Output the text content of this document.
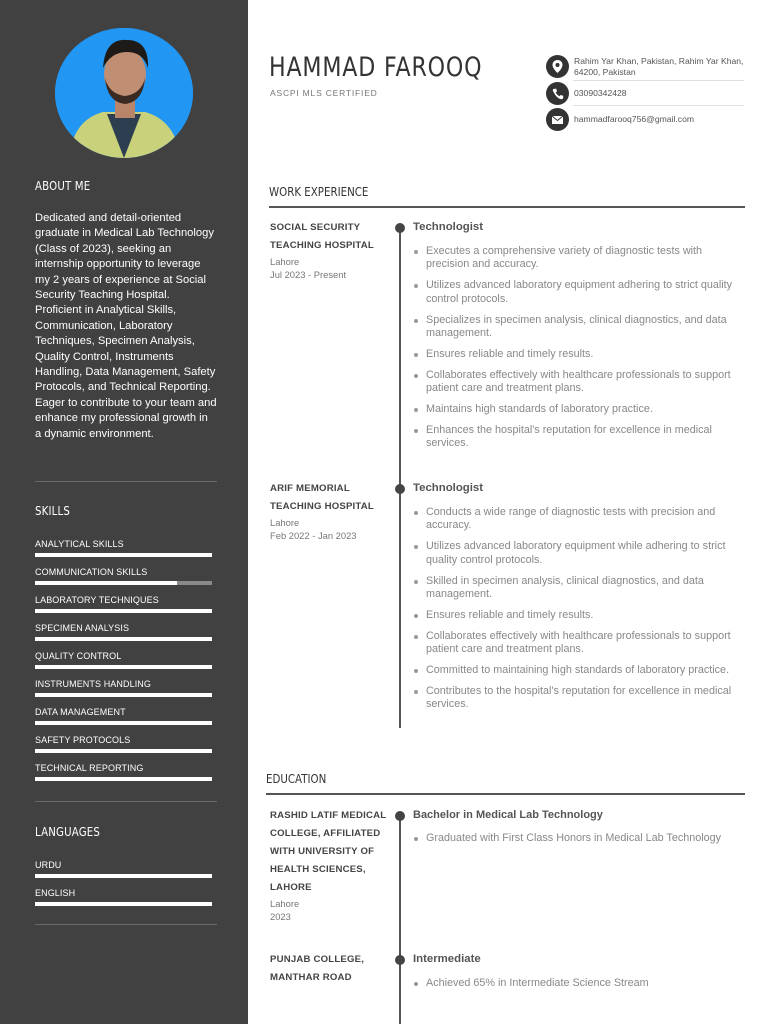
ABOUT ME
Dedicated and detail-oriented graduate in Medical Lab Technology (Class of 2023), seeking an internship opportunity to leverage my 2 years of experience at Social Security Teaching Hospital. Proficient in Analytical Skills, Communication, Laboratory Techniques, Specimen Analysis, Quality Control, Instruments Handling, Data Management, Safety Protocols, and Technical Reporting. Eager to contribute to your team and enhance my professional growth in a dynamic environment.
SKILLS
ANALYTICAL SKILLS
COMMUNICATION SKILLS
LABORATORY TECHNIQUES
SPECIMEN ANALYSIS
QUALITY CONTROL
INSTRUMENTS HANDLING
DATA MANAGEMENT
SAFETY PROTOCOLS
TECHNICAL REPORTING
LANGUAGES
URDU
ENGLISH
HAMMAD FAROOQ
ASCPI MLS CERTIFIED
Rahim Yar Khan, Pakistan, Rahim Yar Khan, 64200, Pakistan
03090342428
hammadfarooq756@gmail.com
WORK EXPERIENCE
SOCIAL SECURITY TEACHING HOSPITAL
Lahore
Jul 2023 - Present
Technologist
Executes a comprehensive variety of diagnostic tests with precision and accuracy.
Utilizes advanced laboratory equipment adhering to strict quality control protocols.
Specializes in specimen analysis, clinical diagnostics, and data management.
Ensures reliable and timely results.
Collaborates effectively with healthcare professionals to support patient care and treatment plans.
Maintains high standards of laboratory practice.
Enhances the hospital's reputation for excellence in medical services.
ARIF MEMORIAL TEACHING HOSPITAL
Lahore
Feb 2022 - Jan 2023
Technologist
Conducts a wide range of diagnostic tests with precision and accuracy.
Utilizes advanced laboratory equipment while adhering to strict quality control protocols.
Skilled in specimen analysis, clinical diagnostics, and data management.
Ensures reliable and timely results.
Collaborates effectively with healthcare professionals to support patient care and treatment plans.
Committed to maintaining high standards of laboratory practice.
Contributes to the hospital's reputation for excellence in medical services.
EDUCATION
RASHID LATIF MEDICAL COLLEGE, AFFILIATED WITH UNIVERSITY OF HEALTH SCIENCES, LAHORE
Lahore
2023
Bachelor in Medical Lab Technology
Graduated with First Class Honors in Medical Lab Technology
PUNJAB COLLEGE, MANTHAR ROAD
Intermediate
Achieved 65% in Intermediate Science Stream
